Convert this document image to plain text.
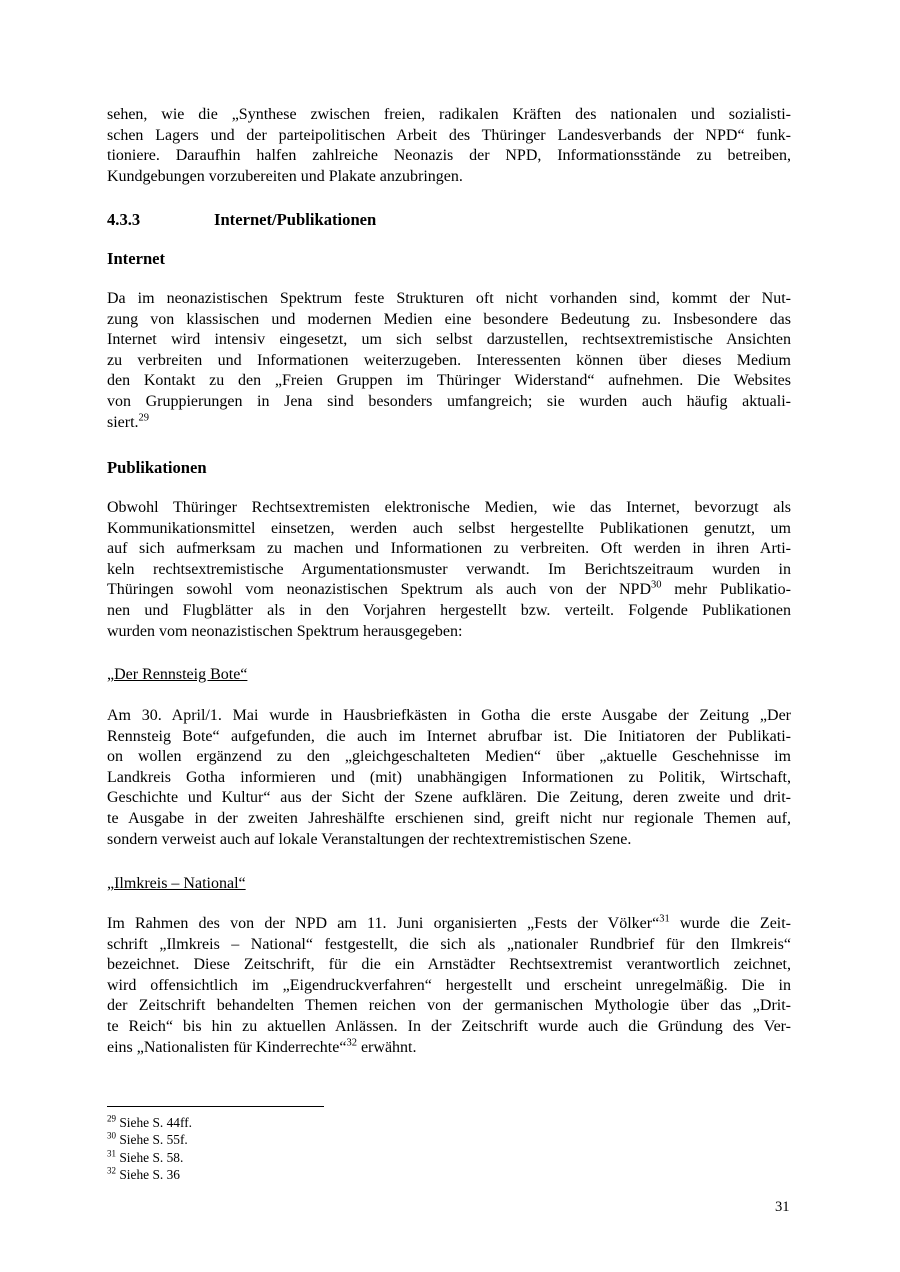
sehen, wie die „Synthese zwischen freien, radikalen Kräften des nationalen und sozialisti-
schen Lagers und der parteipolitischen Arbeit des Thüringer Landesverbands der NPD“ funk-
tioniere. Daraufhin halfen zahlreiche Neonazis der NPD, Informationsstände zu betreiben,
Kundgebungen vorzubereiten und Plakate anzubringen.
4.3.3	Internet/Publikationen
Internet
Da im neonazistischen Spektrum feste Strukturen oft nicht vorhanden sind, kommt der Nut-
zung von klassischen und modernen Medien eine besondere Bedeutung zu. Insbesondere das
Internet wird intensiv eingesetzt, um sich selbst darzustellen, rechtsextremistische Ansichten
zu verbreiten und Informationen weiterzugeben. Interessenten können über dieses Medium
den Kontakt zu den „Freien Gruppen im Thüringer Widerstand“ aufnehmen. Die Websites
von Gruppierungen in Jena sind besonders umfangreich; sie wurden auch häufig aktuali-
siert.$^{29}$
Publikationen
Obwohl Thüringer Rechtsextremisten elektronische Medien, wie das Internet, bevorzugt als
Kommunikationsmittel einsetzen, werden auch selbst hergestellte Publikationen genutzt, um
auf sich aufmerksam zu machen und Informationen zu verbreiten. Oft werden in ihren Arti-
keln rechtsextremistische Argumentationsmuster verwandt. Im Berichtszeitraum wurden in
Thüringen sowohl vom neonazistischen Spektrum als auch von der NPD$^{30}$ mehr Publikatio-
nen und Flugblätter als in den Vorjahren hergestellt bzw. verteilt. Folgende Publikationen
wurden vom neonazistischen Spektrum herausgegeben:
„Der Rennsteig Bote“
Am 30. April/1. Mai wurde in Hausbriefkästen in Gotha die erste Ausgabe der Zeitung „Der
Rennsteig Bote“ aufgefunden, die auch im Internet abrufbar ist. Die Initiatoren der Publikati-
on wollen ergänzend zu den „gleichgeschalteten Medien“ über „aktuelle Geschehnisse im
Landkreis Gotha informieren und (mit) unabhängigen Informationen zu Politik, Wirtschaft,
Geschichte und Kultur“ aus der Sicht der Szene aufklären. Die Zeitung, deren zweite und drit-
te Ausgabe in der zweiten Jahreshälfte erschienen sind, greift nicht nur regionale Themen auf,
sondern verweist auch auf lokale Veranstaltungen der rechtextremistischen Szene.
„Ilmkreis – National“
Im Rahmen des von der NPD am 11. Juni organisierten „Fests der Völker“$^{31}$ wurde die Zeit-
schrift „Ilmkreis – National“ festgestellt, die sich als „nationaler Rundbrief für den Ilmkreis“
bezeichnet. Diese Zeitschrift, für die ein Arnstädter Rechtsextremist verantwortlich zeichnet,
wird offensichtlich im „Eigendruckverfahren“ hergestellt und erscheint unregelmäßig. Die in
der Zeitschrift behandelten Themen reichen von der germanischen Mythologie über das „Drit-
te Reich“ bis hin zu aktuellen Anlässen. In der Zeitschrift wurde auch die Gründung des Ver-
eins „Nationalisten für Kinderrechte“$^{32}$ erwähnt.
$^{29}$ Siehe S. 44ff.
$^{30}$ Siehe S. 55f.
$^{31}$ Siehe S. 58.
$^{32}$ Siehe S. 36
31
